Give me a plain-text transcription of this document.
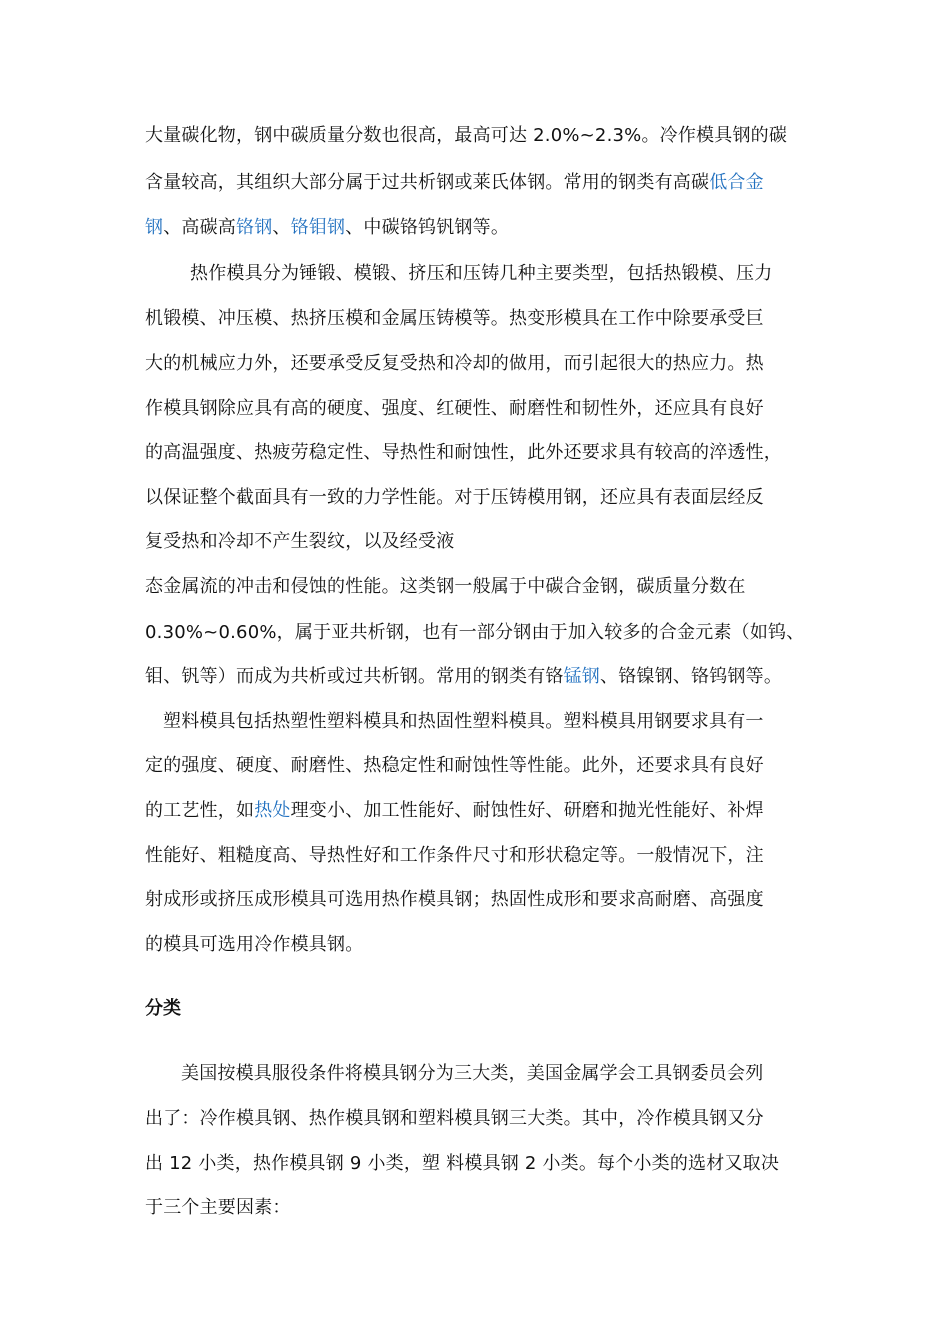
大量碳化物，钢中碳质量分数也很高，最高可达 2.0%~2.3%。冷作模具钢的碳
含量较高，其组织大部分属于过共析钢或莱氏体钢。常用的钢类有高碳低合金
钢、高碳高铬钢、铬钼钢、中碳铬钨钒钢等。
热作模具分为锤锻、模锻、挤压和压铸几种主要类型，包括热锻模、压力
机锻模、冲压模、热挤压模和金属压铸模等。热变形模具在工作中除要承受巨
大的机械应力外，还要承受反复受热和冷却的做用，而引起很大的热应力。热
作模具钢除应具有高的硬度、强度、红硬性、耐磨性和韧性外，还应具有良好
的高温强度、热疲劳稳定性、导热性和耐蚀性，此外还要求具有较高的淬透性，
以保证整个截面具有一致的力学性能。对于压铸模用钢，还应具有表面层经反
复受热和冷却不产生裂纹，以及经受液
态金属流的冲击和侵蚀的性能。这类钢一般属于中碳合金钢，碳质量分数在
0.30%~0.60%，属于亚共析钢，也有一部分钢由于加入较多的合金元素（如钨、
钼、钒等）而成为共析或过共析钢。常用的钢类有铬锰钢、铬镍钢、铬钨钢等。
塑料模具包括热塑性塑料模具和热固性塑料模具。塑料模具用钢要求具有一
定的强度、硬度、耐磨性、热稳定性和耐蚀性等性能。此外，还要求具有良好
的工艺性，如热处理变小、加工性能好、耐蚀性好、研磨和抛光性能好、补焊
性能好、粗糙度高、导热性好和工作条件尺寸和形状稳定等。一般情况下，注
射成形或挤压成形模具可选用热作模具钢；热固性成形和要求高耐磨、高强度
的模具可选用冷作模具钢。
分类
美国按模具服役条件将模具钢分为三大类，美国金属学会工具钢委员会列
出了：冷作模具钢、热作模具钢和塑料模具钢三大类。其中，冷作模具钢又分
出 12 小类，热作模具钢 9 小类，塑 料模具钢 2 小类。每个小类的选材又取决
于三个主要因素：
